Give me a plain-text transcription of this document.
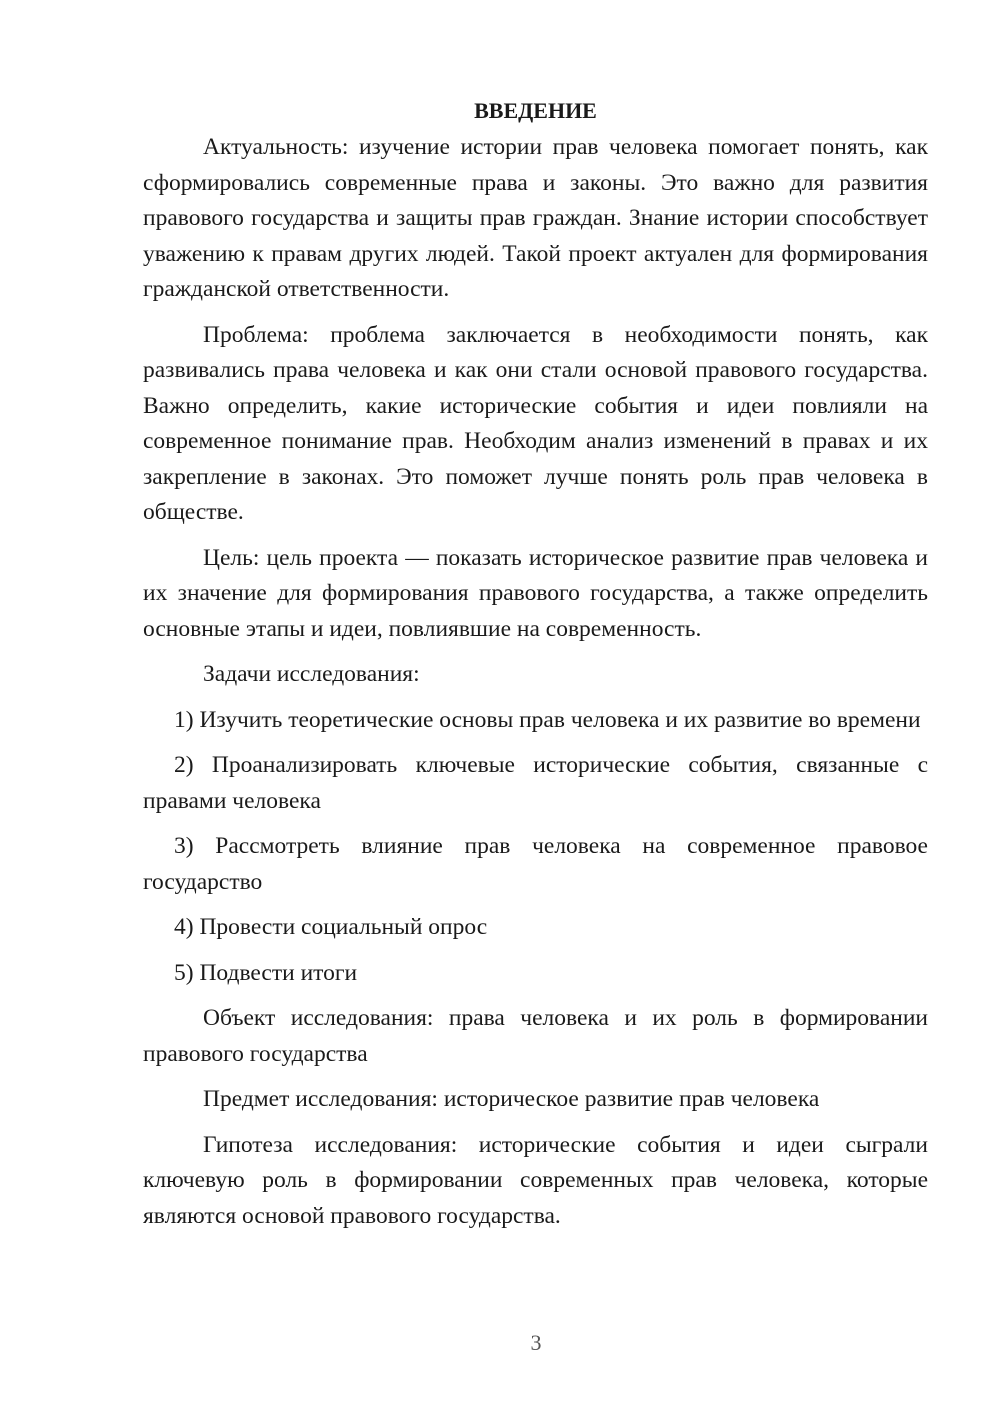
ВВЕДЕНИЕ

Актуальность: изучение истории прав человека помогает понять, как сформировались современные права и законы. Это важно для развития правового государства и защиты прав граждан. Знание истории способствует уважению к правам других людей. Такой проект актуален для формирования гражданской ответственности.

Проблема: проблема заключается в необходимости понять, как развивались права человека и как они стали основой правового государства. Важно определить, какие исторические события и идеи повлияли на современное понимание прав. Необходим анализ изменений в правах и их закрепление в законах. Это поможет лучше понять роль прав человека в обществе.

Цель: цель проекта — показать историческое развитие прав человека и их значение для формирования правового государства, а также определить основные этапы и идеи, повлиявшие на современность.

Задачи исследования:

1) Изучить теоретические основы прав человека и их развитие во времени

2) Проанализировать ключевые исторические события, связанные с правами человека

3) Рассмотреть влияние прав человека на современное правовое государство

4) Провести социальный опрос

5) Подвести итоги

Объект исследования: права человека и их роль в формировании правового государства

Предмет исследования: историческое развитие прав человека

Гипотеза исследования: исторические события и идеи сыграли ключевую роль в формировании современных прав человека, которые являются основой правового государства.

3
